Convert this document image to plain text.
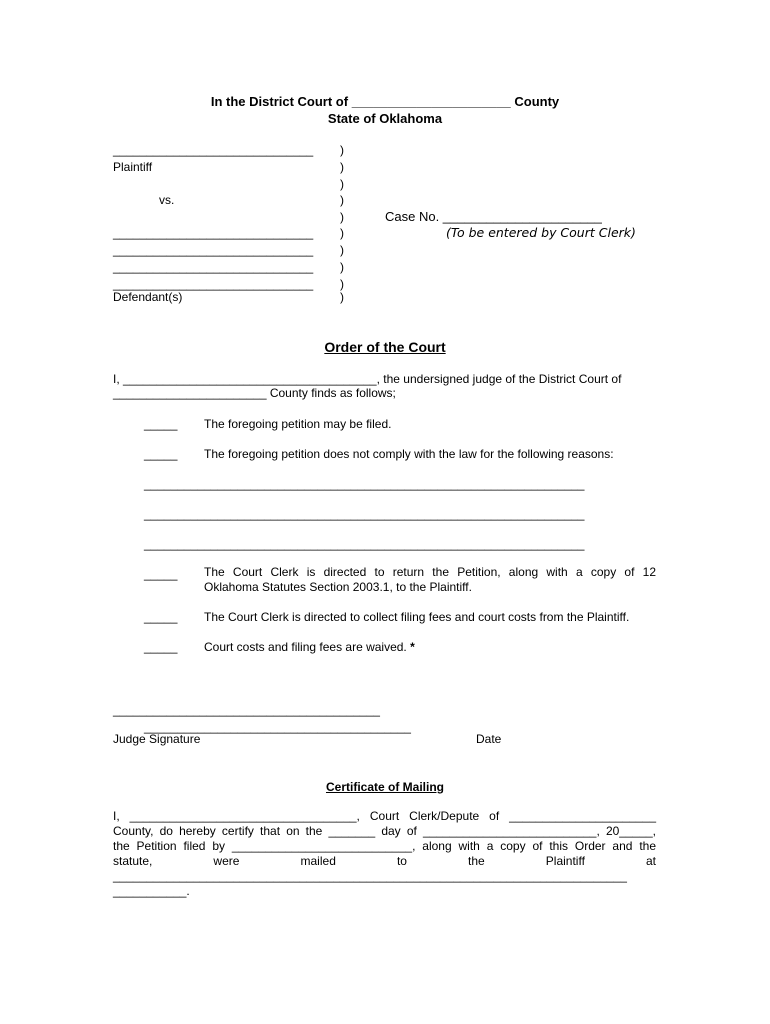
In the District Court of ______________________ County
State of Oklahoma
______________________________
Plaintiff
vs.
______________________________
______________________________
______________________________
______________________________
Defendant(s)
)
)
)
)
)
)
)
)
)
)
Case No. ______________________
(To be entered by Court Clerk)
Order of the Court
I, ______________________________________, the undersigned judge of the District Court of
_______________________ County finds as follows;
_____ The foregoing petition may be filed.
_____ The foregoing petition does not comply with the law for the following reasons:
__________________________________________________________________
__________________________________________________________________
__________________________________________________________________
_____ The Court Clerk is directed to return the Petition, along with a copy of 12
Oklahoma Statutes Section 2003.1, to the Plaintiff.
_____ The Court Clerk is directed to collect filing fees and court costs from the Plaintiff.
_____ Court costs and filing fees are waived. *
________________________________________
________________________________________
Judge Signature	Date
Certificate of Mailing
I, __________________________________, Court Clerk/Depute of ______________________
County, do hereby certify that on the _______ day of __________________________, 20_____,
the Petition filed by ___________________________, along with a copy of this Order and the
statute, were mailed to the Plaintiff at
_____________________________________________________________________________
___________.
